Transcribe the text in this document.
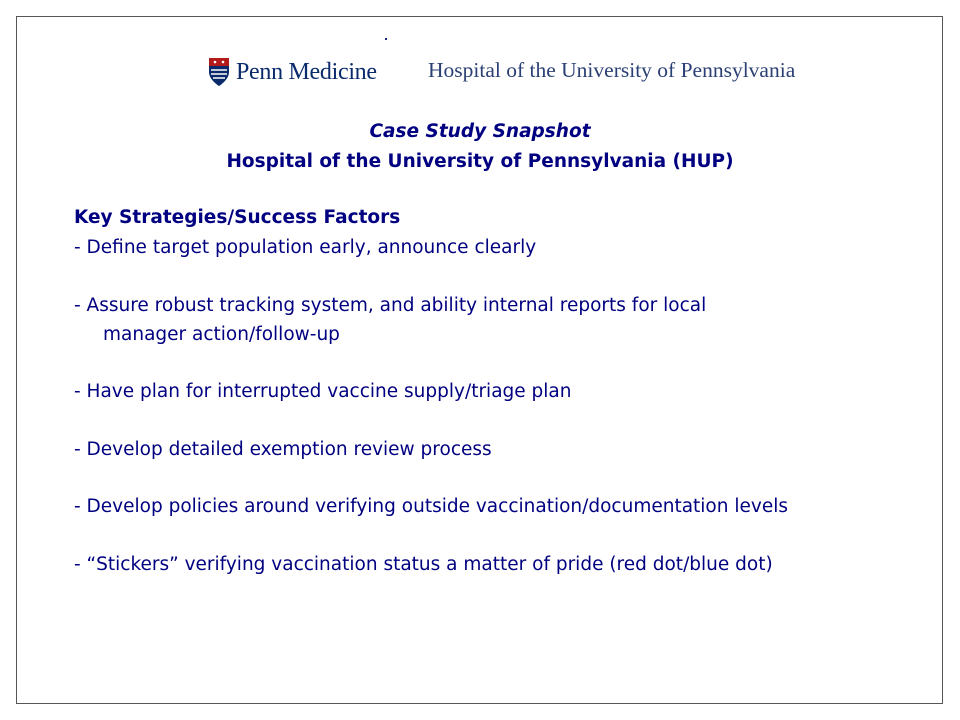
Penn Medicine Hospital of the University of Pennsylvania
Case Study Snapshot
Hospital of the University of Pennsylvania (HUP)
Key Strategies/Success Factors
- Define target population early, announce clearly
- Assure robust tracking system, and ability internal reports for local
manager action/follow-up
- Have plan for interrupted vaccine supply/triage plan
- Develop detailed exemption review process
- Develop policies around verifying outside vaccination/documentation levels
- “Stickers” verifying vaccination status a matter of pride (red dot/blue dot)
